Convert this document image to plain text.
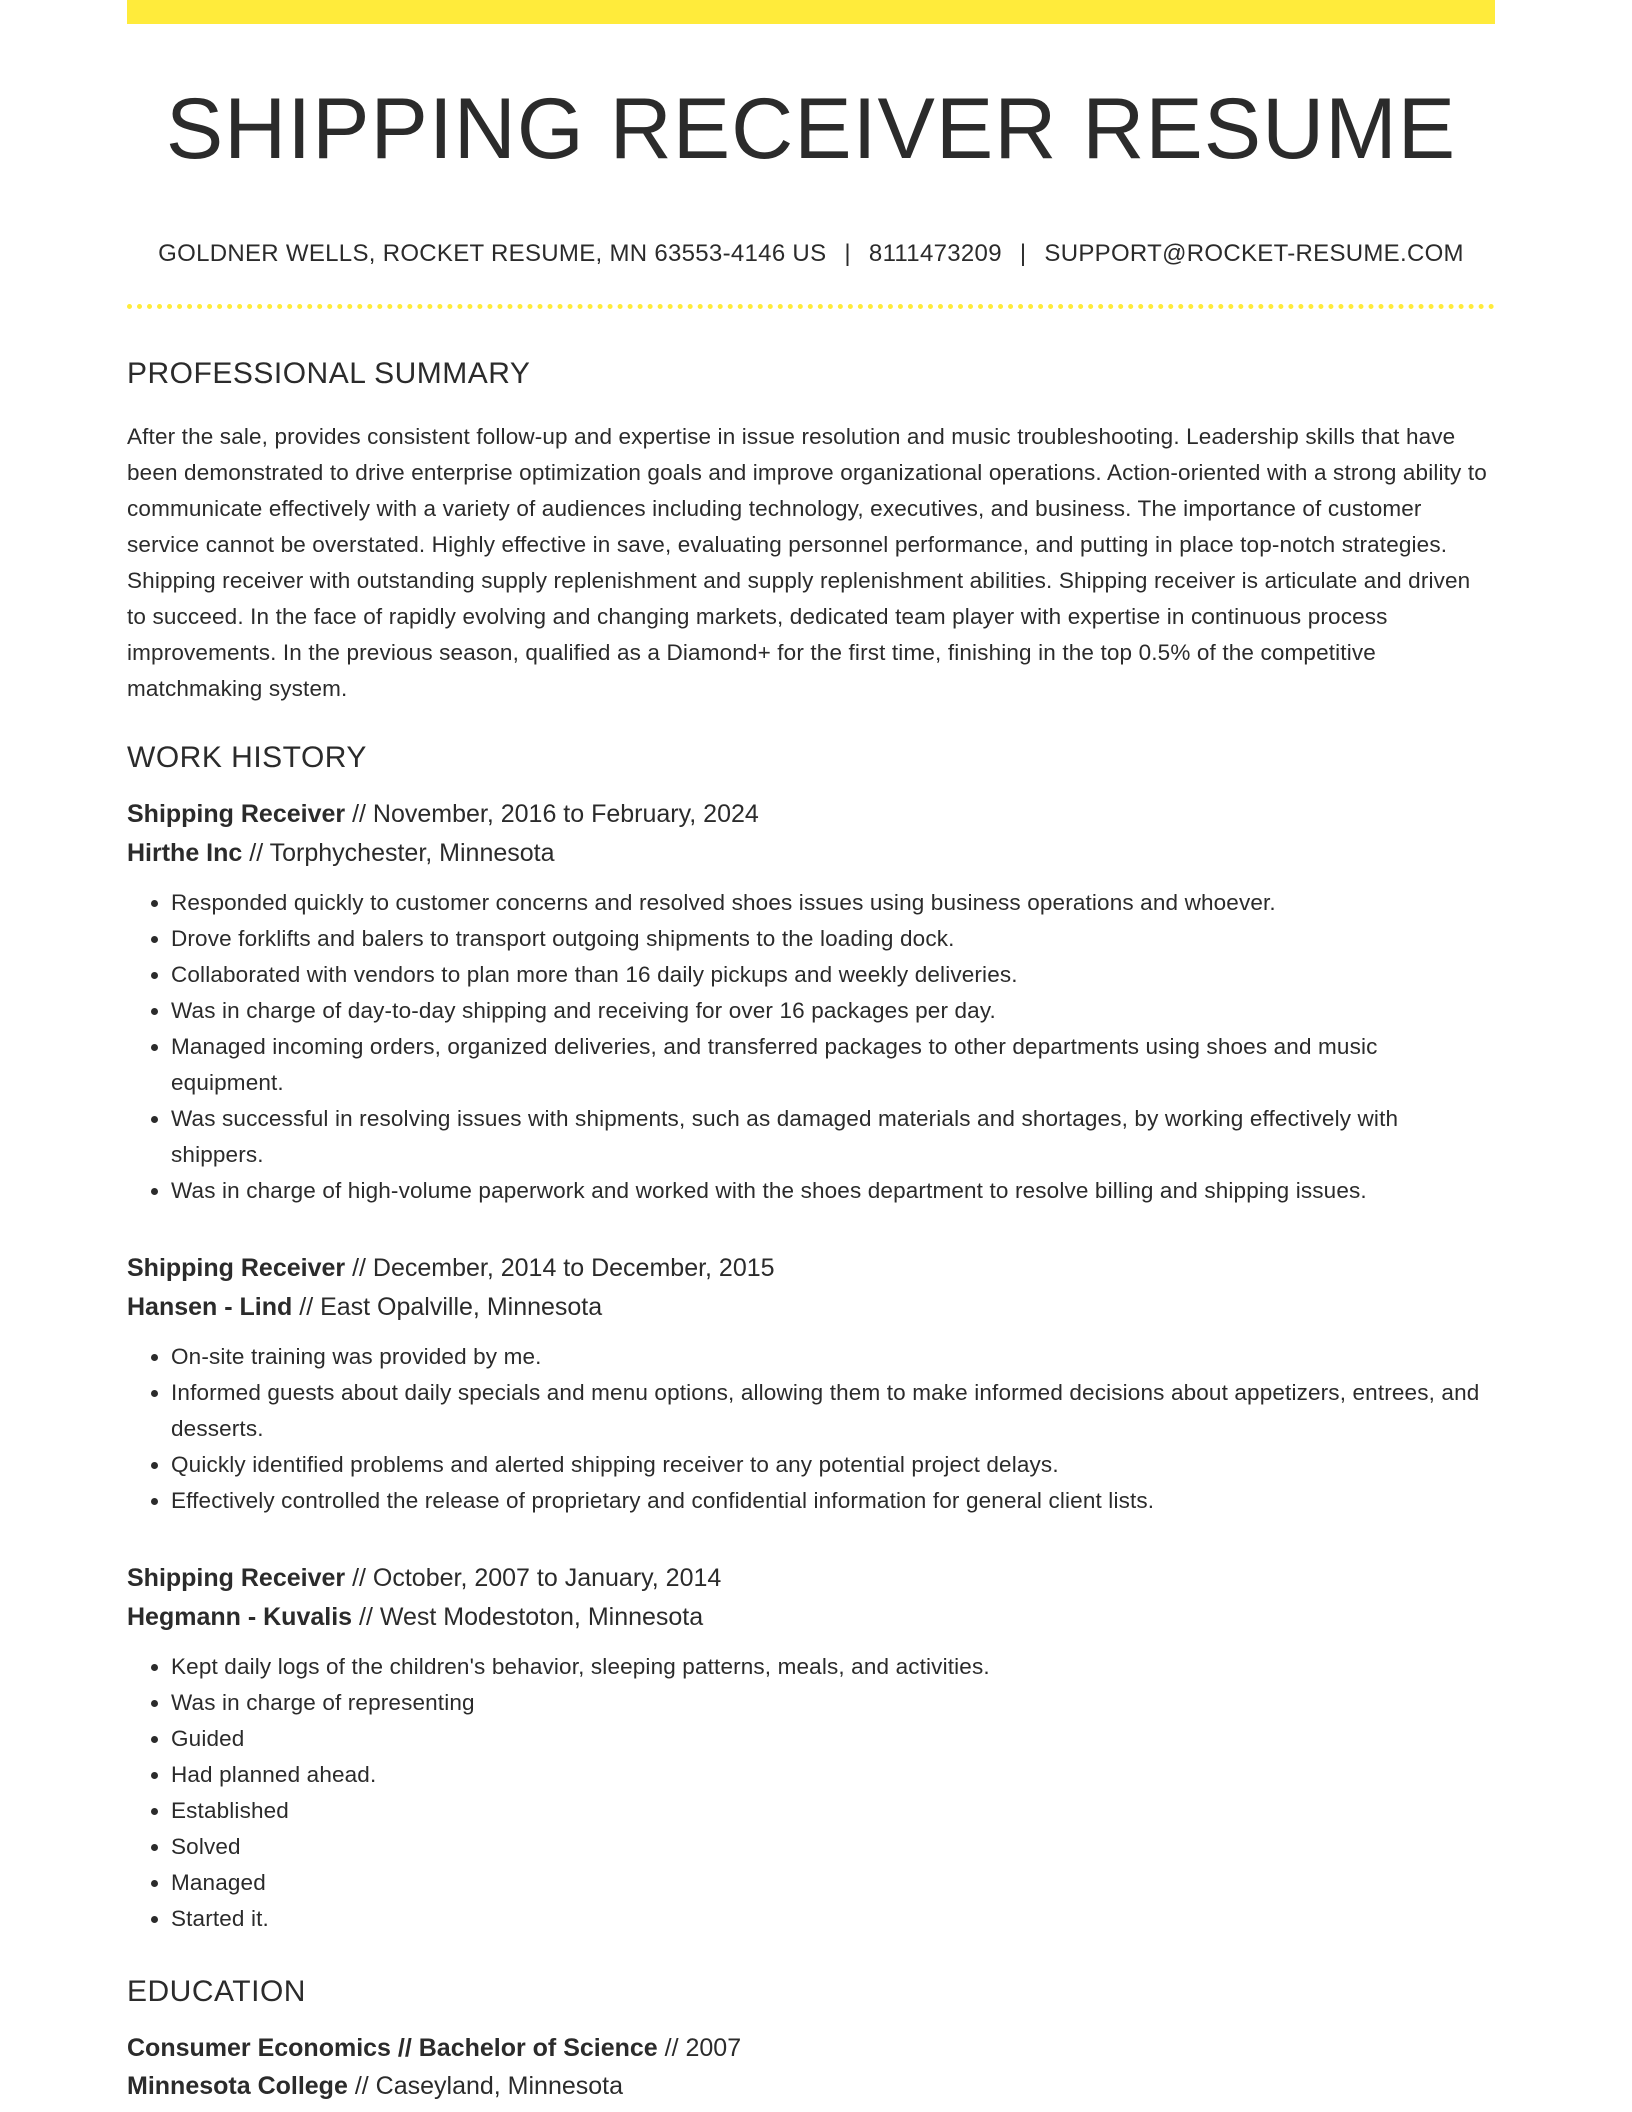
SHIPPING RECEIVER RESUME
GOLDNER WELLS, ROCKET RESUME, MN 63553-4146 US | 8111473209 | SUPPORT@ROCKET-RESUME.COM
PROFESSIONAL SUMMARY

After the sale, provides consistent follow-up and expertise in issue resolution and music troubleshooting. Leadership skills that have been demonstrated to drive enterprise optimization goals and improve organizational operations. Action-oriented with a strong ability to communicate effectively with a variety of audiences including technology, executives, and business. The importance of customer service cannot be overstated. Highly effective in save, evaluating personnel performance, and putting in place top-notch strategies. Shipping receiver with outstanding supply replenishment and supply replenishment abilities. Shipping receiver is articulate and driven to succeed. In the face of rapidly evolving and changing markets, dedicated team player with expertise in continuous process improvements. In the previous season, qualified as a Diamond+ for the first time, finishing in the top 0.5% of the competitive matchmaking system.

WORK HISTORY
Shipping Receiver // November, 2016 to February, 2024
Hirthe Inc // Torphychester, Minnesota
• Responded quickly to customer concerns and resolved shoes issues using business operations and whoever.
• Drove forklifts and balers to transport outgoing shipments to the loading dock.
• Collaborated with vendors to plan more than 16 daily pickups and weekly deliveries.
• Was in charge of day-to-day shipping and receiving for over 16 packages per day.
• Managed incoming orders, organized deliveries, and transferred packages to other departments using shoes and music equipment.
• Was successful in resolving issues with shipments, such as damaged materials and shortages, by working effectively with shippers.
• Was in charge of high-volume paperwork and worked with the shoes department to resolve billing and shipping issues.
Shipping Receiver // December, 2014 to December, 2015
Hansen - Lind // East Opalville, Minnesota
• On-site training was provided by me.
• Informed guests about daily specials and menu options, allowing them to make informed decisions about appetizers, entrees, and desserts.
• Quickly identified problems and alerted shipping receiver to any potential project delays.
• Effectively controlled the release of proprietary and confidential information for general client lists.
Shipping Receiver // October, 2007 to January, 2014
Hegmann - Kuvalis // West Modestoton, Minnesota
• Kept daily logs of the children's behavior, sleeping patterns, meals, and activities.
• Was in charge of representing
• Guided
• Had planned ahead.
• Established
• Solved
• Managed
• Started it.
EDUCATION
Consumer Economics // Bachelor of Science // 2007
Minnesota College // Caseyland, Minnesota
